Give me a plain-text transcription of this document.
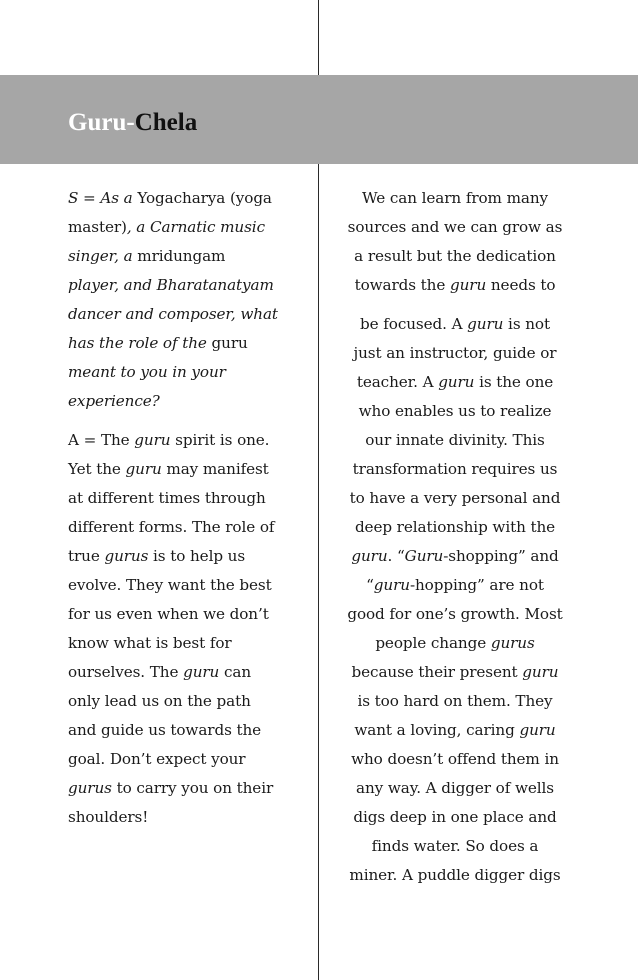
Guru-Chela
S = As a Yogacharya (yoga
master), a Carnatic music
singer, a mridungam
player, and Bharatanatyam
dancer and composer, what
has the role of the guru
meant to you in your
experience?
A = The guru spirit is one.
Yet the guru may manifest
at different times through
different forms. The role of
true gurus is to help us
evolve. They want the best
for us even when we don’t
know what is best for
ourselves. The guru can
only lead us on the path
and guide us towards the
goal. Don’t expect your
gurus to carry you on their
shoulders!
We can learn from many
sources and we can grow as
a result but the dedication
towards the guru needs to
be focused. A guru is not
just an instructor, guide or
teacher. A guru is the one
who enables us to realize
our innate divinity. This
transformation requires us
to have a very personal and
deep relationship with the
guru. “Guru-shopping” and
“guru-hopping” are not
good for one’s growth. Most
people change gurus
because their present guru
is too hard on them. They
want a loving, caring guru
who doesn’t offend them in
any way. A digger of wells
digs deep in one place and
finds water. So does a
miner. A puddle digger digs
